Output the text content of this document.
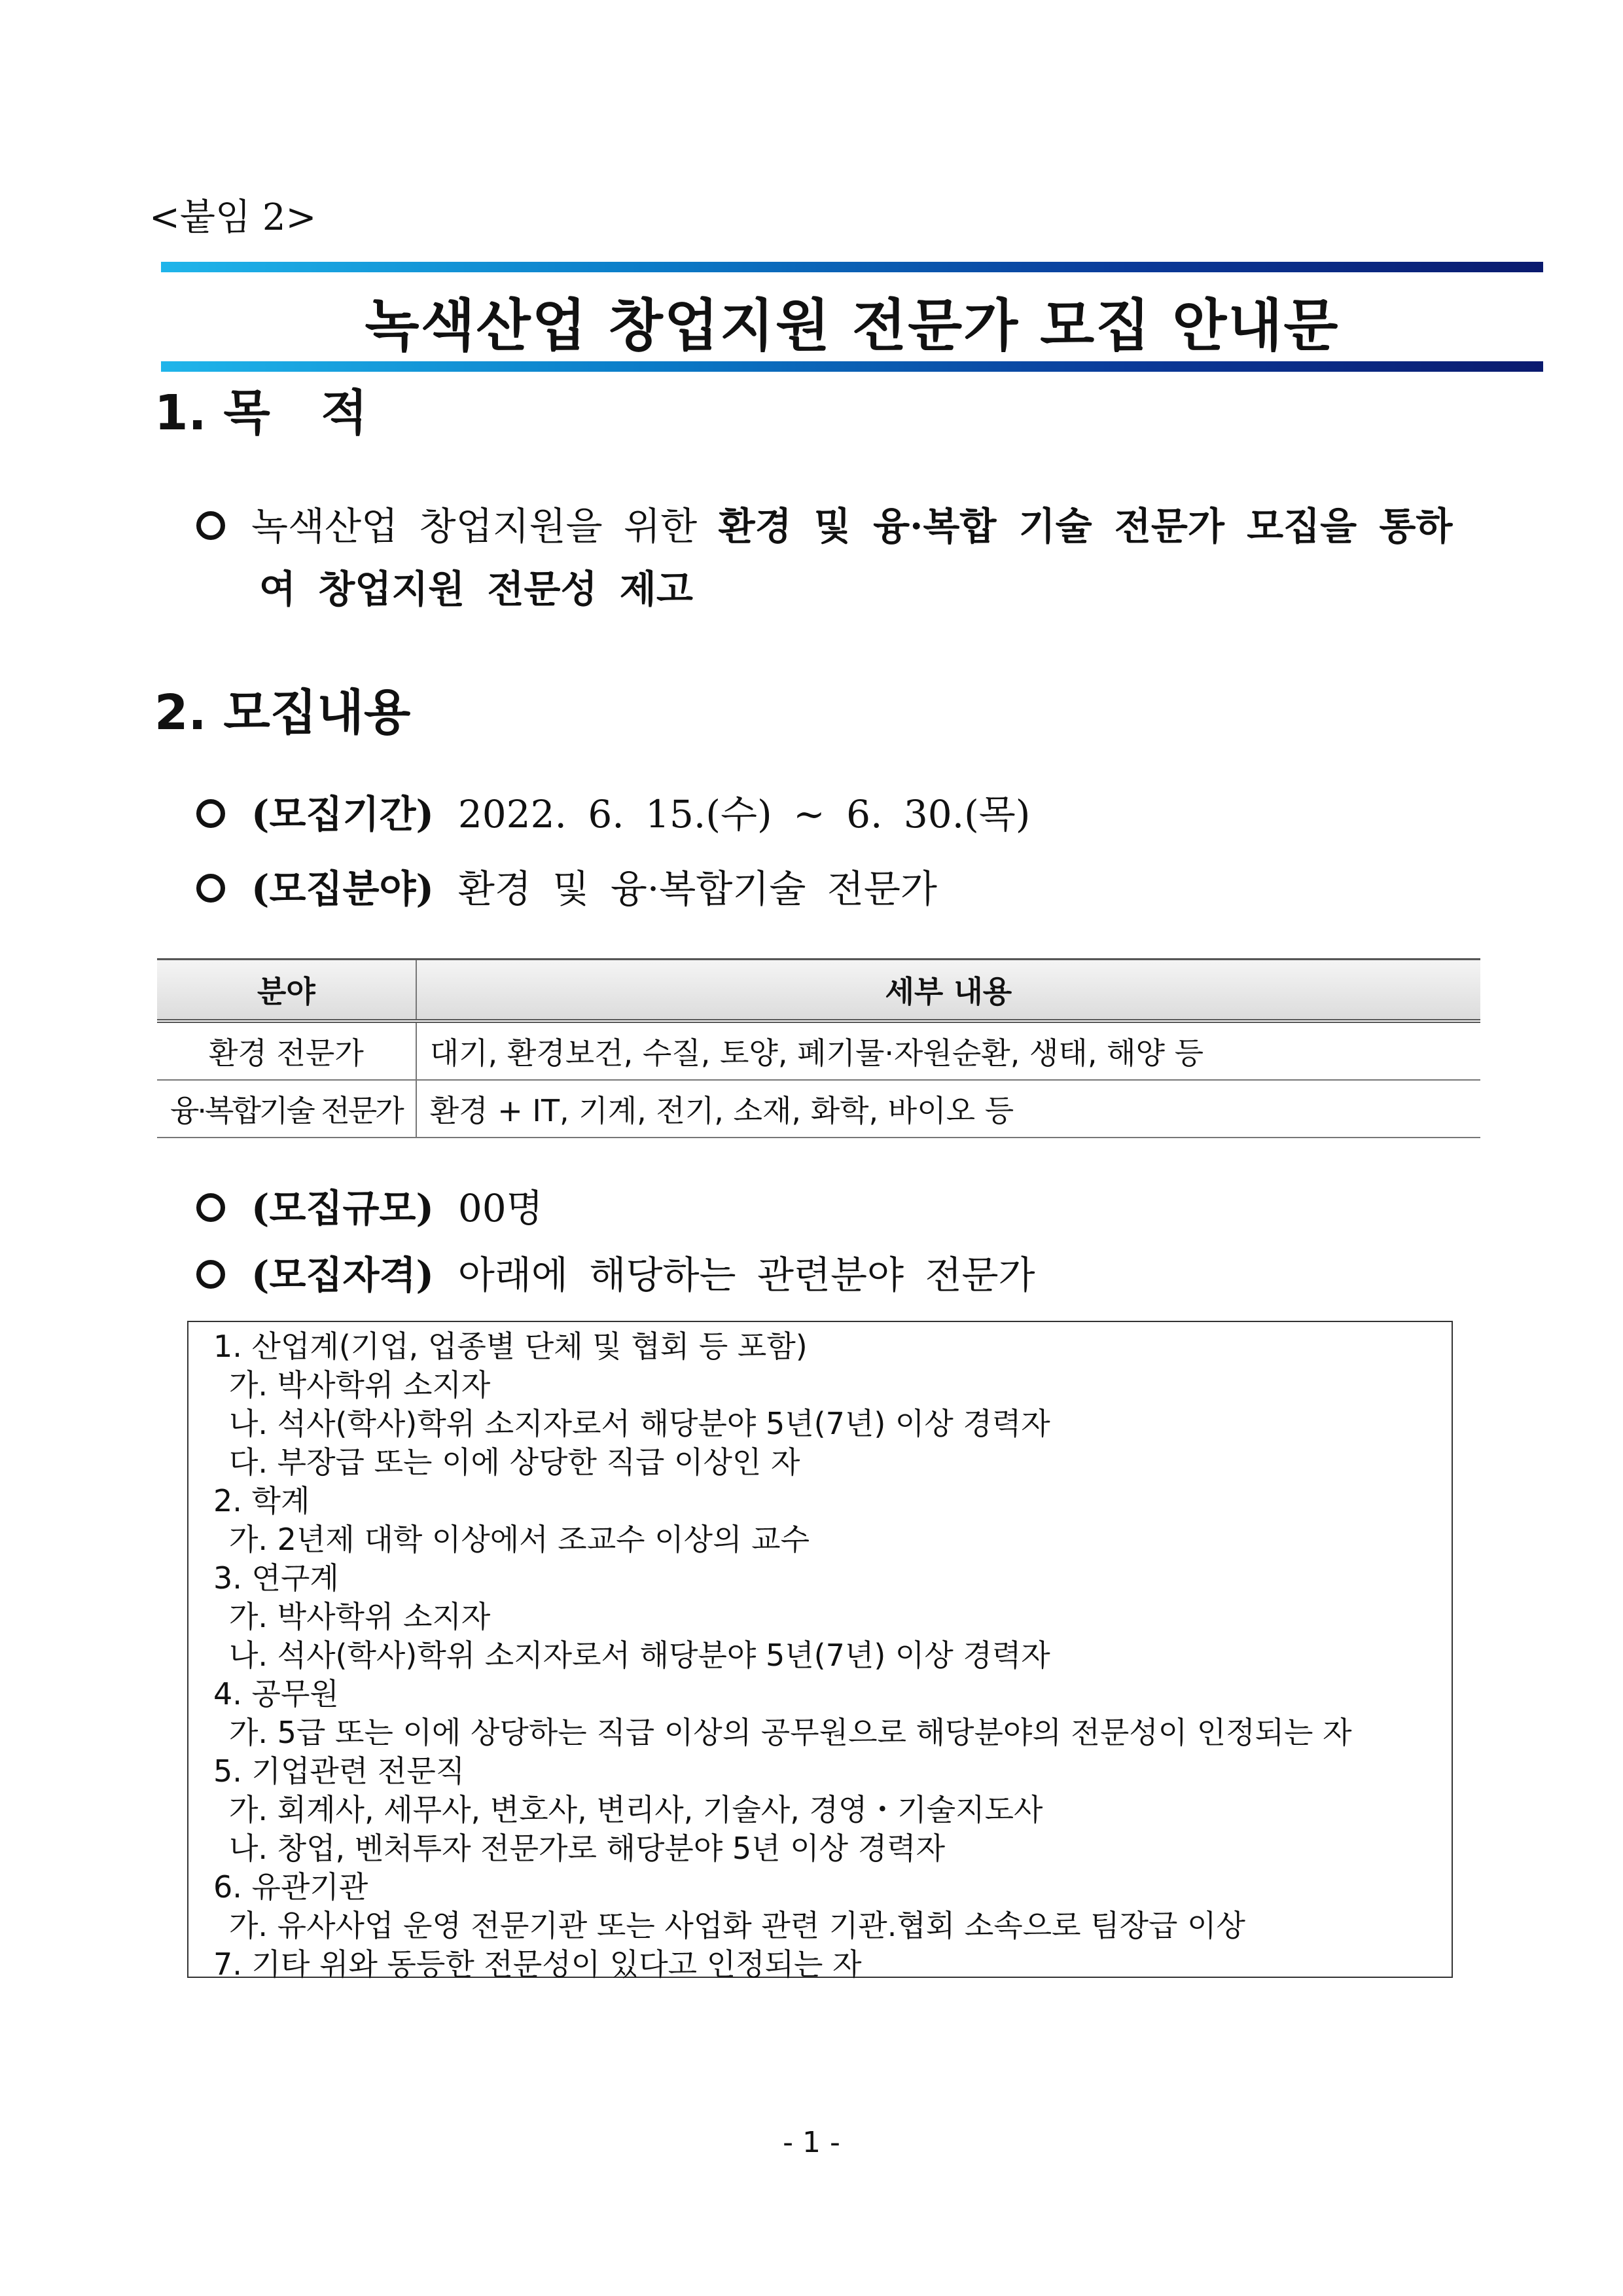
<붙임 2>
녹색산업 창업지원 전문가 모집 안내문
1. 목   적
녹색산업 창업지원을 위한 환경 및 융·복합 기술 전문가 모집을 통하
여 창업지원 전문성 제고
2. 모집내용
(모집기간) 2022. 6. 15.(수) ~ 6. 30.(목)
(모집분야) 환경 및 융·복합기술 전문가
분야	세부 내용
환경 전문가	대기, 환경보건, 수질, 토양, 폐기물·자원순환, 생태, 해양 등
융·복합기술 전문가	환경 + IT, 기계, 전기, 소재, 화학, 바이오 등
(모집규모) 00명
(모집자격) 아래에 해당하는 관련분야 전문가
1. 산업계(기업, 업종별 단체 및 협회 등 포함)
가. 박사학위 소지자
나. 석사(학사)학위 소지자로서 해당분야 5년(7년) 이상 경력자
다. 부장급 또는 이에 상당한 직급 이상인 자
2. 학계
가. 2년제 대학 이상에서 조교수 이상의 교수
3. 연구계
가. 박사학위 소지자
나. 석사(학사)학위 소지자로서 해당분야 5년(7년) 이상 경력자
4. 공무원
가. 5급 또는 이에 상당하는 직급 이상의 공무원으로 해당분야의 전문성이 인정되는 자
5. 기업관련 전문직
가. 회계사, 세무사, 변호사, 변리사, 기술사, 경영・기술지도사
나. 창업, 벤처투자 전문가로 해당분야 5년 이상 경력자
6. 유관기관
가. 유사사업 운영 전문기관 또는 사업화 관련 기관.협회 소속으로 팀장급 이상
7. 기타 위와 동등한 전문성이 있다고 인정되는 자
- 1 -
